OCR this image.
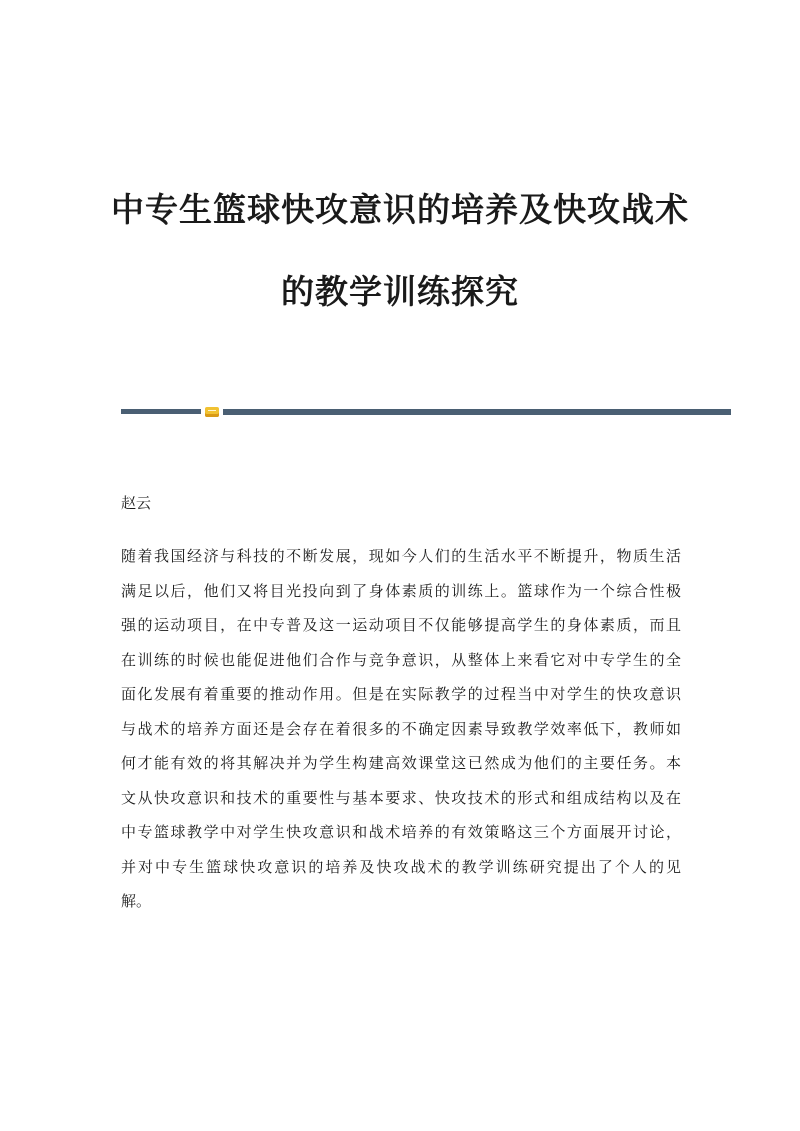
中专生篮球快攻意识的培养及快攻战术
的教学训练探究

赵云

随着我国经济与科技的不断发展，现如今人们的生活水平不断提升，物质生活
满足以后，他们又将目光投向到了身体素质的训练上。篮球作为一个综合性极
强的运动项目，在中专普及这一运动项目不仅能够提高学生的身体素质，而且
在训练的时候也能促进他们合作与竞争意识，从整体上来看它对中专学生的全
面化发展有着重要的推动作用。但是在实际教学的过程当中对学生的快攻意识
与战术的培养方面还是会存在着很多的不确定因素导致教学效率低下，教师如
何才能有效的将其解决并为学生构建高效课堂这已然成为他们的主要任务。本
文从快攻意识和技术的重要性与基本要求、快攻技术的形式和组成结构以及在
中专篮球教学中对学生快攻意识和战术培养的有效策略这三个方面展开讨论，
并对中专生篮球快攻意识的培养及快攻战术的教学训练研究提出了个人的见
解。
